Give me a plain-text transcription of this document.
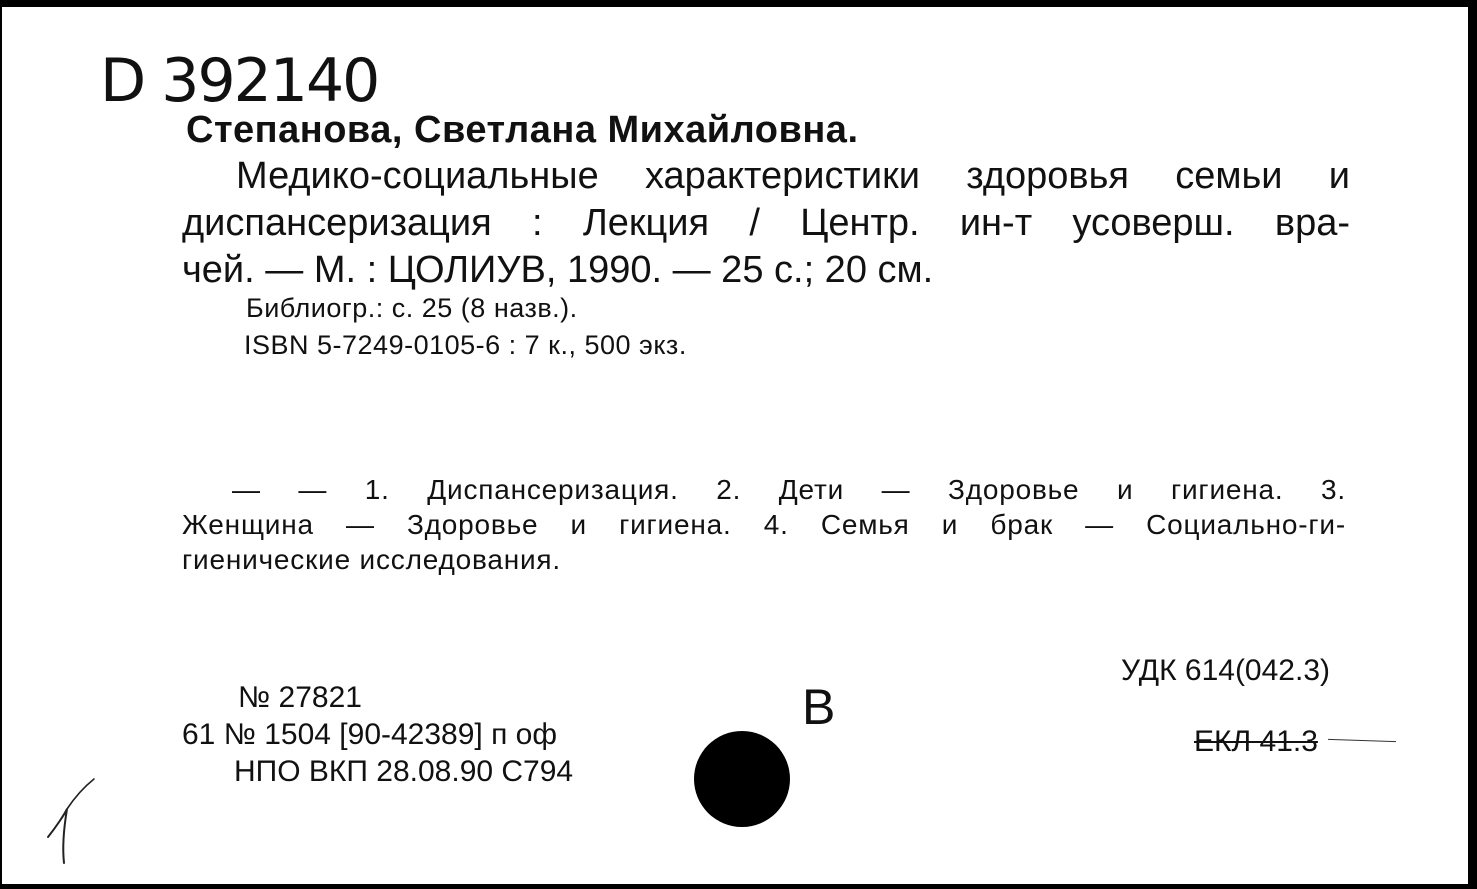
D 392140
Степанова, Светлана Михайловна.
Медико-социальные характеристики здоровья семьи и
диспансеризация : Лекция / Центр. ин-т усоверш. вра-
чей. — М. : ЦОЛИУВ, 1990. — 25 с.; 20 см.
Библиогр.: с. 25 (8 назв.).
ISBN 5-7249-0105-6 : 7 к., 500 экз.
— — 1. Диспансеризация. 2. Дети — Здоровье и гигиена. 3.
Женщина — Здоровье и гигиена. 4. Семья и брак — Социально-ги-
гиенические исследования.
УДК 614(042.3)
ЕКЛ 41.3
№ 27821
61 № 1504 [90-42389] п оф
НПО ВКП 28.08.90 С794
В
